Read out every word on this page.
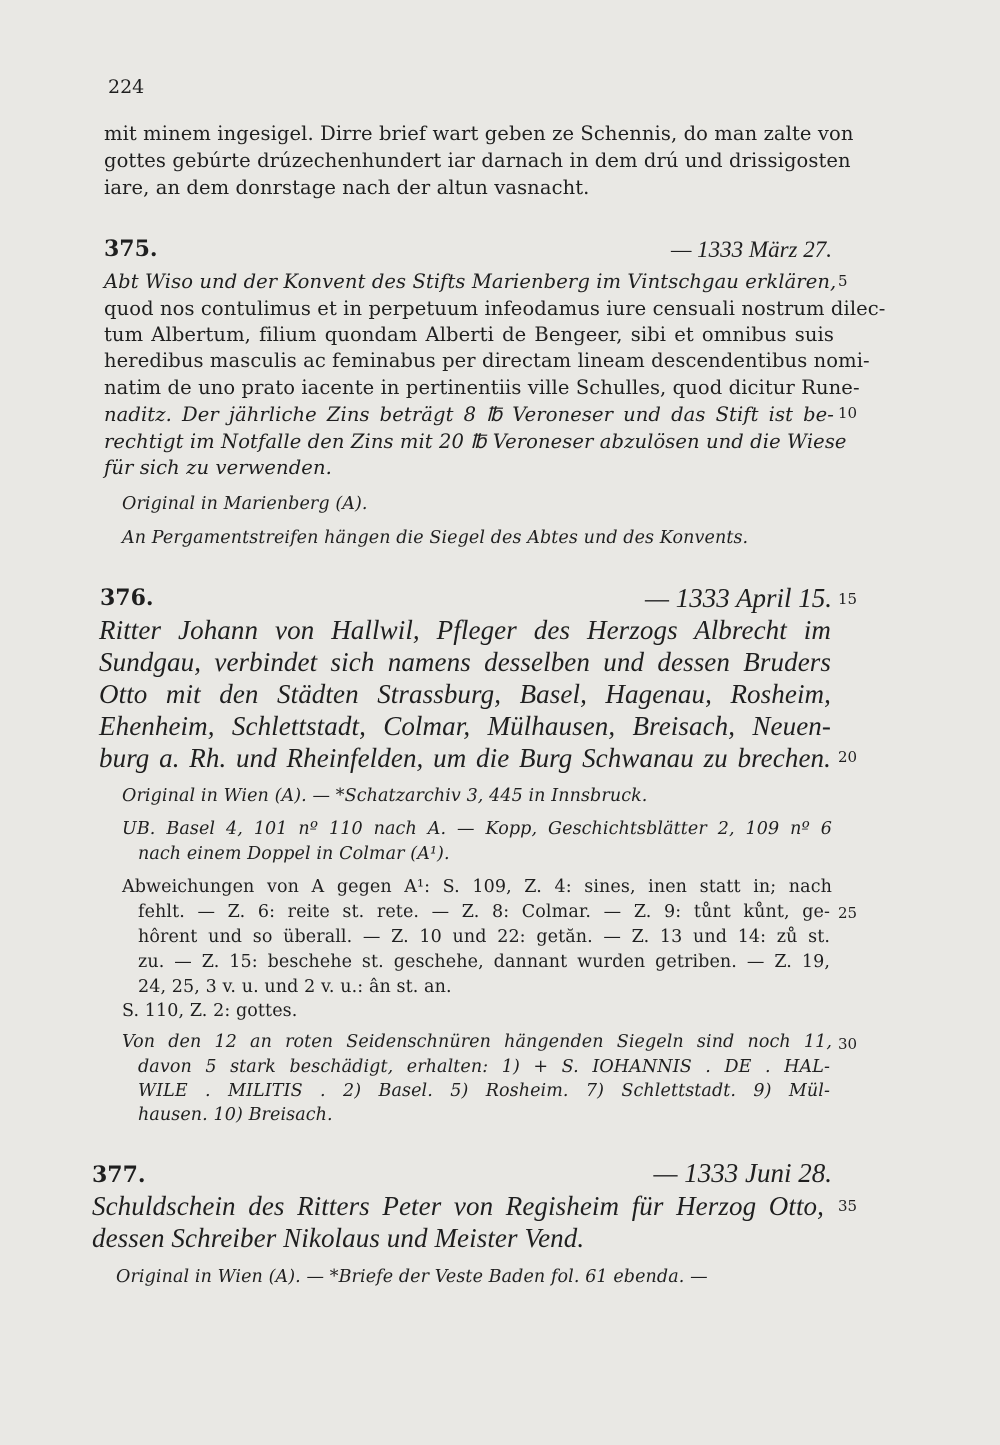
224
mit minem ingesigel. Dirre brief wart geben ze Schennis, do man zalte von
gottes gebúrte drúzechenhundert iar darnach in dem drú und drissigosten
iare, an dem donrstage nach der altun vasnacht.
375.	— 1333 März 27.
Abt Wiso und der Konvent des Stifts Marienberg im Vintschgau erklären,
quod nos contulimus et in perpetuum infeodamus iure censuali nostrum dilec-
tum Albertum, filium quondam Alberti de Bengeer, sibi et omnibus suis
heredibus masculis ac feminabus per directam lineam descendentibus nomi-
natim de uno prato iacente in pertinentiis ville Schulles, quod dicitur Rune-
naditz. Der jährliche Zins beträgt 8 ℔ Veroneser und das Stift ist be-
rechtigt im Notfalle den Zins mit 20 ℔ Veroneser abzulösen und die Wiese
für sich zu verwenden.
Original in Marienberg (A).
An Pergamentstreifen hängen die Siegel des Abtes und des Konvents.
376.	— 1333 April 15.
Ritter Johann von Hallwil, Pfleger des Herzogs Albrecht im
Sundgau, verbindet sich namens desselben und dessen Bruders
Otto mit den Städten Strassburg, Basel, Hagenau, Rosheim,
Ehenheim, Schlettstadt, Colmar, Mülhausen, Breisach, Neuen-
burg a. Rh. und Rheinfelden, um die Burg Schwanau zu brechen.
Original in Wien (A). — *Schatzarchiv 3, 445 in Innsbruck.
UB. Basel 4, 101 nº 110 nach A. — Kopp, Geschichtsblätter 2, 109 nº 6
nach einem Doppel in Colmar (A¹).
Abweichungen von A gegen A¹: S. 109, Z. 4: sines, inen statt in; nach
fehlt. — Z. 6: reite st. rete. — Z. 8: Colmar. — Z. 9: tůnt kůnt, ge-
hôrent und so überall. — Z. 10 und 22: getăn. — Z. 13 und 14: zů st.
zu. — Z. 15: beschehe st. geschehe, dannant wurden getriben. — Z. 19,
24, 25, 3 v. u. und 2 v. u.: ân st. an.
S. 110, Z. 2: gottes.
Von den 12 an roten Seidenschnüren hängenden Siegeln sind noch 11,
davon 5 stark beschädigt, erhalten: 1) + S. IOHANNIS . DE . HAL-
WILE . MILITIS . 2) Basel. 5) Rosheim. 7) Schlettstadt. 9) Mül-
hausen. 10) Breisach.
377.	— 1333 Juni 28.
Schuldschein des Ritters Peter von Regisheim für Herzog Otto,
dessen Schreiber Nikolaus und Meister Vend.
Original in Wien (A). — *Briefe der Veste Baden fol. 61 ebenda. —
5
10
15
20
25
30
35
